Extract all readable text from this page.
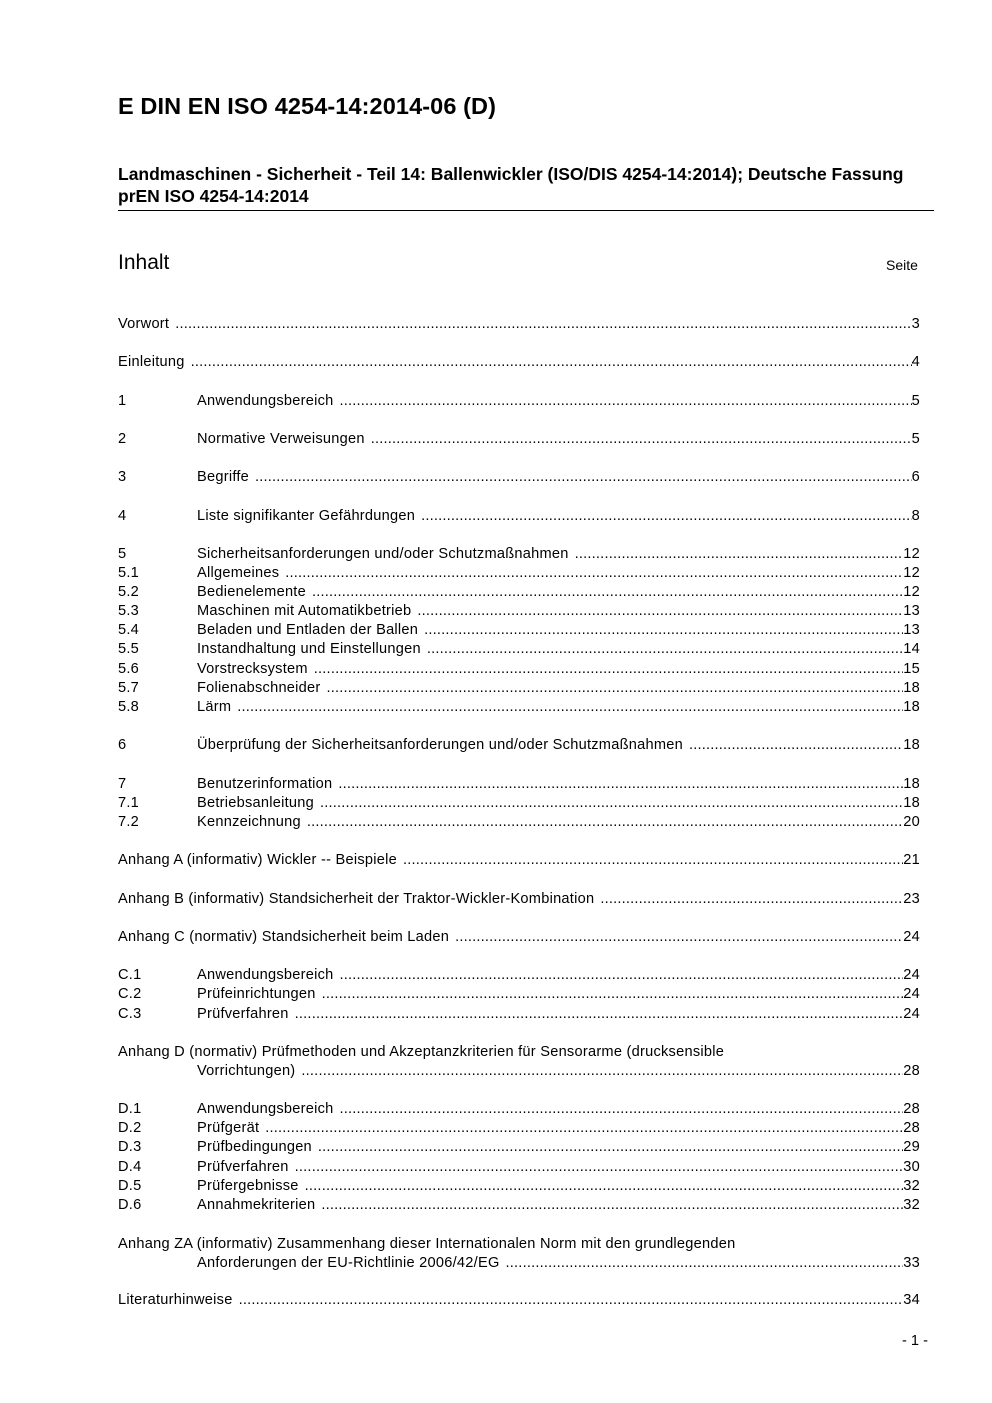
E DIN EN ISO 4254-14:2014-06 (D)
Landmaschinen - Sicherheit - Teil 14: Ballenwickler (ISO/DIS 4254-14:2014); Deutsche Fassung prEN ISO 4254-14:2014
Inhalt	Seite
Vorwort .....	3
Einleitung .....	4
1	Anwendungsbereich .....	5
2	Normative Verweisungen .....	5
3	Begriffe .....	6
4	Liste signifikanter Gefährdungen .....	8
5	Sicherheitsanforderungen und/oder Schutzmaßnahmen .....	12
5.1	Allgemeines .....	12
5.2	Bedienelemente .....	12
5.3	Maschinen mit Automatikbetrieb .....	13
5.4	Beladen und Entladen der Ballen .....	13
5.5	Instandhaltung und Einstellungen .....	14
5.6	Vorstrecksystem .....	15
5.7	Folienabschneider .....	18
5.8	Lärm .....	18
6	Überprüfung der Sicherheitsanforderungen und/oder Schutzmaßnahmen .....	18
7	Benutzerinformation .....	18
7.1	Betriebsanleitung .....	18
7.2	Kennzeichnung .....	20
Anhang A (informativ) Wickler -- Beispiele .....	21
Anhang B (informativ) Standsicherheit der Traktor-Wickler-Kombination .....	23
Anhang C (normativ) Standsicherheit beim Laden .....	24
C.1	Anwendungsbereich .....	24
C.2	Prüfeinrichtungen .....	24
C.3	Prüfverfahren .....	24
Anhang D (normativ) Prüfmethoden und Akzeptanzkriterien für Sensorarme (drucksensible
Vorrichtungen) .....	28
D.1	Anwendungsbereich .....	28
D.2	Prüfgerät .....	28
D.3	Prüfbedingungen .....	29
D.4	Prüfverfahren .....	30
D.5	Prüfergebnisse .....	32
D.6	Annahmekriterien .....	32
Anhang ZA (informativ) Zusammenhang dieser Internationalen Norm mit den grundlegenden
Anforderungen der EU-Richtlinie 2006/42/EG .....	33
Literaturhinweise .....	34
- 1 -
